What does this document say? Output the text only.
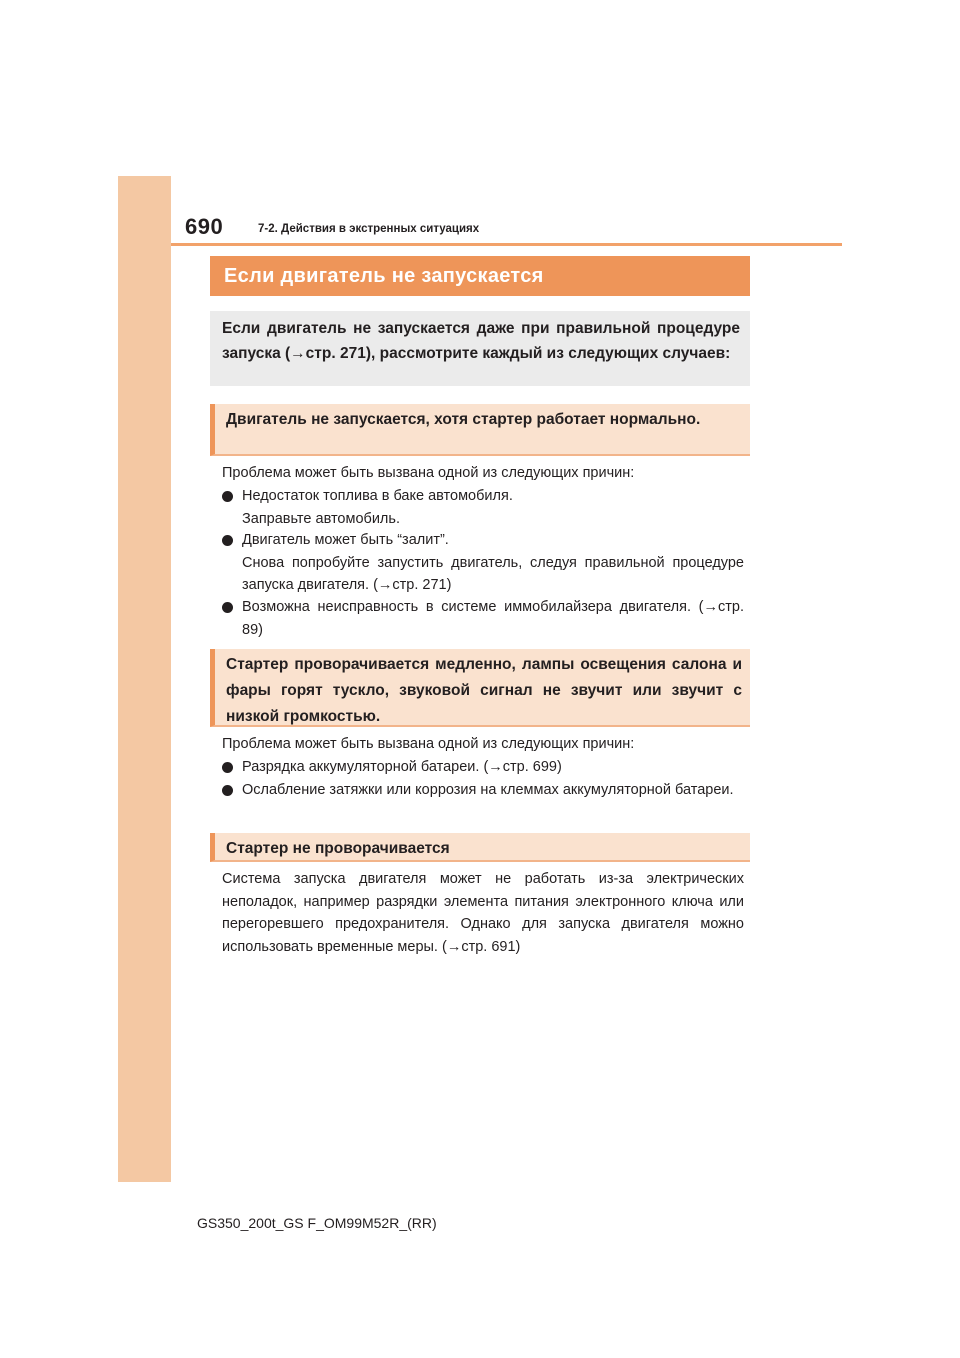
690	7-2. Действия в экстренных ситуациях
Если двигатель не запускается
Если двигатель не запускается даже при правильной процедуре запуска (→стр. 271), рассмотрите каждый из следующих случаев:
Двигатель не запускается, хотя стартер работает нормально.
Проблема может быть вызвана одной из следующих причин:
Недостаток топлива в баке автомобиля.
Заправьте автомобиль.
Двигатель может быть “залит”.
Снова попробуйте запустить двигатель, следуя правильной процедуре запуска двигателя. (→стр. 271)
Возможна неисправность в системе иммобилайзера двигателя. (→стр. 89)
Стартер проворачивается медленно, лампы освещения салона и фары горят тускло, звуковой сигнал не звучит или звучит с низкой громкостью.
Проблема может быть вызвана одной из следующих причин:
Разрядка аккумуляторной батареи. (→стр. 699)
Ослабление затяжки или коррозия на клеммах аккумуляторной батареи.
Стартер не проворачивается
Система запуска двигателя может не работать из-за электрических неполадок, например разрядки элемента питания электронного ключа или перегоревшего предохранителя. Однако для запуска двигателя можно использовать временные меры. (→стр. 691)
GS350_200t_GS F_OM99M52R_(RR)
